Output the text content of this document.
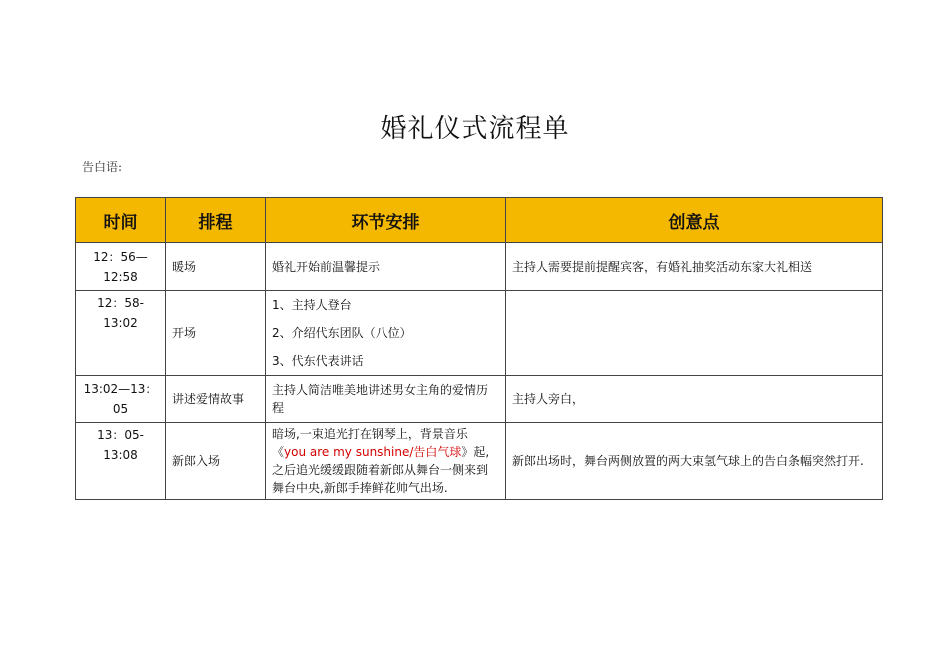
婚礼仪式流程单
告白语:
时间	排程	环节安排	创意点
12：56—
12:58	暖场	婚礼开始前温馨提示	主持人需要提前提醒宾客，有婚礼抽奖活动东家大礼相送
12：58-
13:02	开场	1、主持人登台
2、介绍代东团队（八位）
3、代东代表讲话	

13:02—13：
05	讲述爱情故事	主持人简洁唯美地讲述男女主角的爱情历程	主持人旁白，
13：05-
13:08	新郎入场	暗场,一束追光打在钢琴上，背景音乐《you are my sunshine/告白气球》起,之后追光缓缓跟随着新郎从舞台一侧来到舞台中央,新郎手捧鲜花帅气出场.	新郎出场时，舞台两侧放置的两大束氢气球上的告白条幅突然打开.
